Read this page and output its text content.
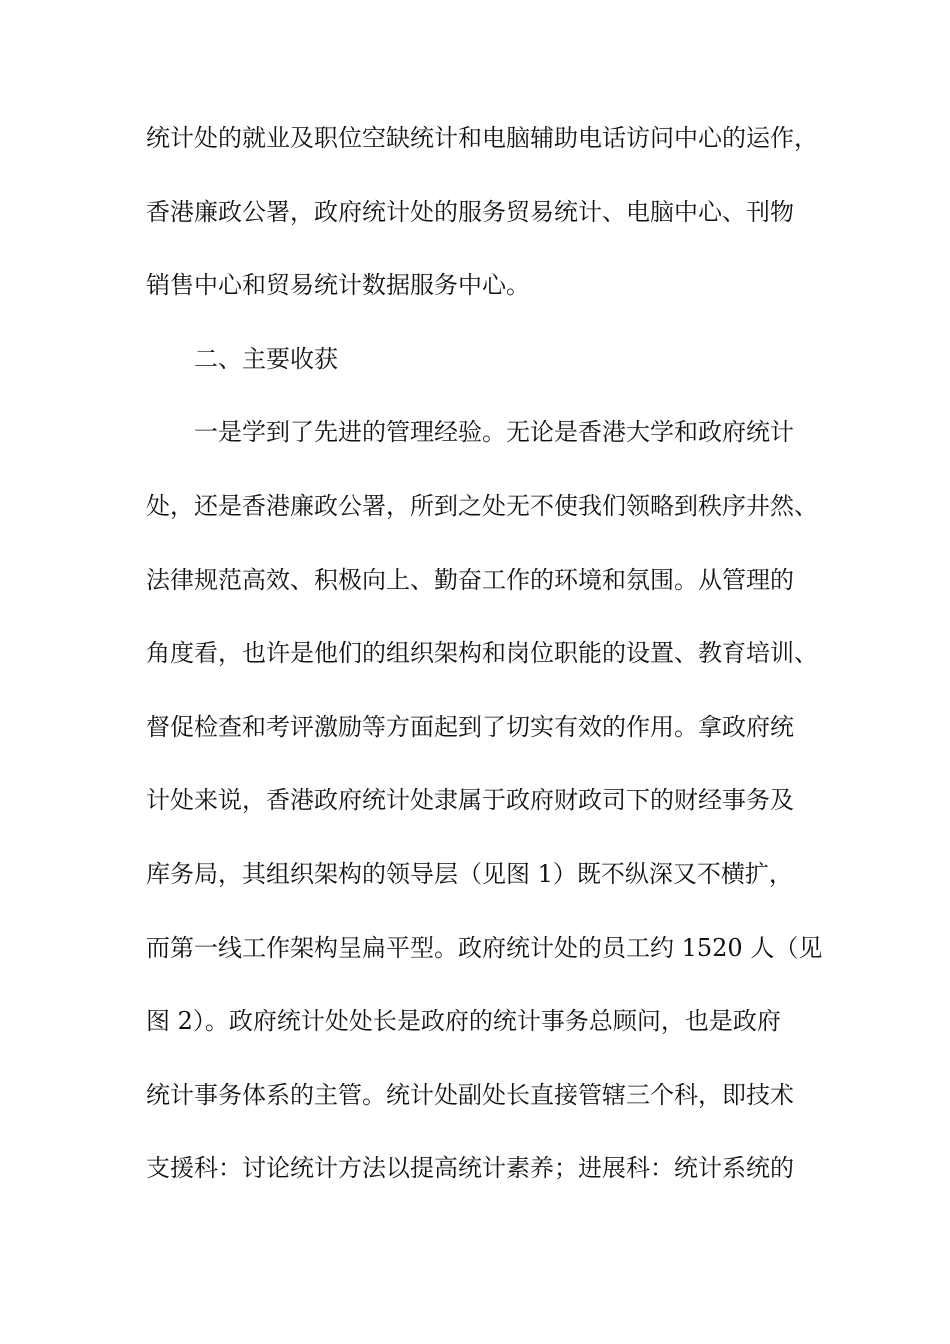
统计处的就业及职位空缺统计和电脑辅助电话访问中心的运作，
香港廉政公署，政府统计处的服务贸易统计、电脑中心、刊物
销售中心和贸易统计数据服务中心。
二、主要收获
一是学到了先进的管理经验。无论是香港大学和政府统计
处，还是香港廉政公署，所到之处无不使我们领略到秩序井然、
法律规范高效、积极向上、勤奋工作的环境和氛围。从管理的
角度看，也许是他们的组织架构和岗位职能的设置、教育培训、
督促检查和考评激励等方面起到了切实有效的作用。拿政府统
计处来说，香港政府统计处隶属于政府财政司下的财经事务及
库务局，其组织架构的领导层（见图 1）既不纵深又不横扩，
而第一线工作架构呈扁平型。政府统计处的员工约 1520 人（见
图 2）。政府统计处处长是政府的统计事务总顾问，也是政府
统计事务体系的主管。统计处副处长直接管辖三个科，即技术
支援科：讨论统计方法以提高统计素养；进展科：统计系统的
